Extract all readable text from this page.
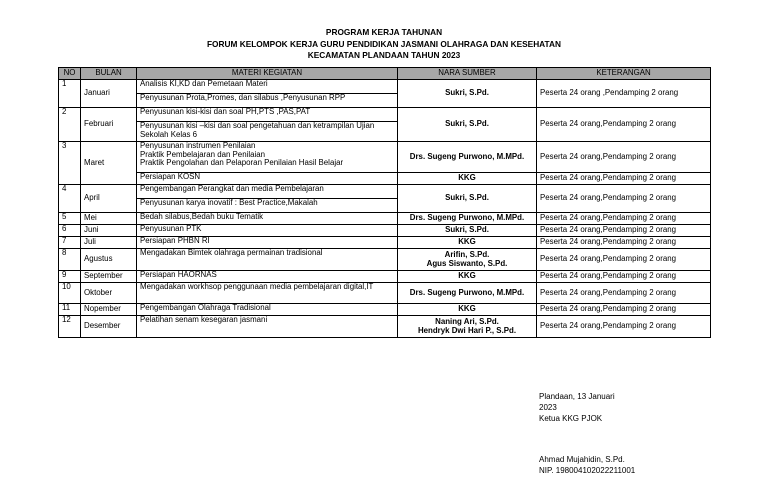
PROGRAM KERJA TAHUNAN
FORUM KELOMPOK KERJA GURU PENDIDIKAN JASMANI OLAHRAGA DAN KESEHATAN
KECAMATAN PLANDAAN TAHUN 2023
NO	BULAN	MATERI KEGIATAN	NARA SUMBER	KETERANGAN
1	Januari	Analisis KI,KD dan Pemetaan Materi	Sukri, S.Pd.	Peserta 24 orang ,Pendamping 2 orang
		Penyusunan Prota,Promes, dan silabus ,Penyusunan RPP		
2	Februari	Penyusunan kisi-kisi dan soal PH,PTS ,PAS,PAT	Sukri, S.Pd.	Peserta 24 orang,Pendamping 2 orang
		Penyusunan kisi –kisi dan soal pengetahuan dan ketrampilan Ujian Sekolah Kelas 6		
3	Maret	Penyusunan instrumen Penilaian
Praktik Pembelajaran dan Penilaian
Praktik Pengolahan dan Pelaporan Penilaian Hasil Belajar	Drs. Sugeng Purwono, M.MPd.	Peserta 24 orang,Pendamping 2 orang
		Persiapan KOSN	KKG	Peserta 24 orang,Pendamping 2 orang
4	April	Pengembangan Perangkat dan media Pembelajaran	Sukri, S.Pd.	Peserta 24 orang,Pendamping 2 orang
		Penyusunan karya inovatif : Best Practice,Makalah		
5	Mei	Bedah silabus,Bedah buku Tematik	Drs. Sugeng Purwono, M.MPd.	Peserta 24 orang,Pendamping 2 orang
6	Juni	Penyusunan PTK	Sukri, S.Pd.	Peserta 24 orang,Pendamping 2 orang
7	Juli	Persiapan PHBN RI	KKG	Peserta 24 orang,Pendamping 2 orang
8	Agustus	Mengadakan Bimtek olahraga permainan tradisional	Arifin, S.Pd.
Agus Siswanto, S.Pd.	Peserta 24 orang,Pendamping 2 orang
9	September	Persiapan HAORNAS	KKG	Peserta 24 orang,Pendamping 2 orang
10	Oktober	Mengadakan workhsop penggunaan media pembelajaran digital,IT	Drs. Sugeng Purwono, M.MPd.	Peserta 24 orang,Pendamping 2 orang
11	Nopember	Pengembangan Olahraga Tradisional	KKG	Peserta 24 orang,Pendamping 2 orang
12	Desember	Pelatihan senam kesegaran jasmani	Naning Ari, S.Pd.
Hendryk Dwi Hari P., S.Pd.	Peserta 24 orang,Pendamping 2 orang
Plandaan, 13 Januari
2023
Ketua KKG PJOK
Ahmad Mujahidin, S.Pd.
NIP. 198004102022211001
